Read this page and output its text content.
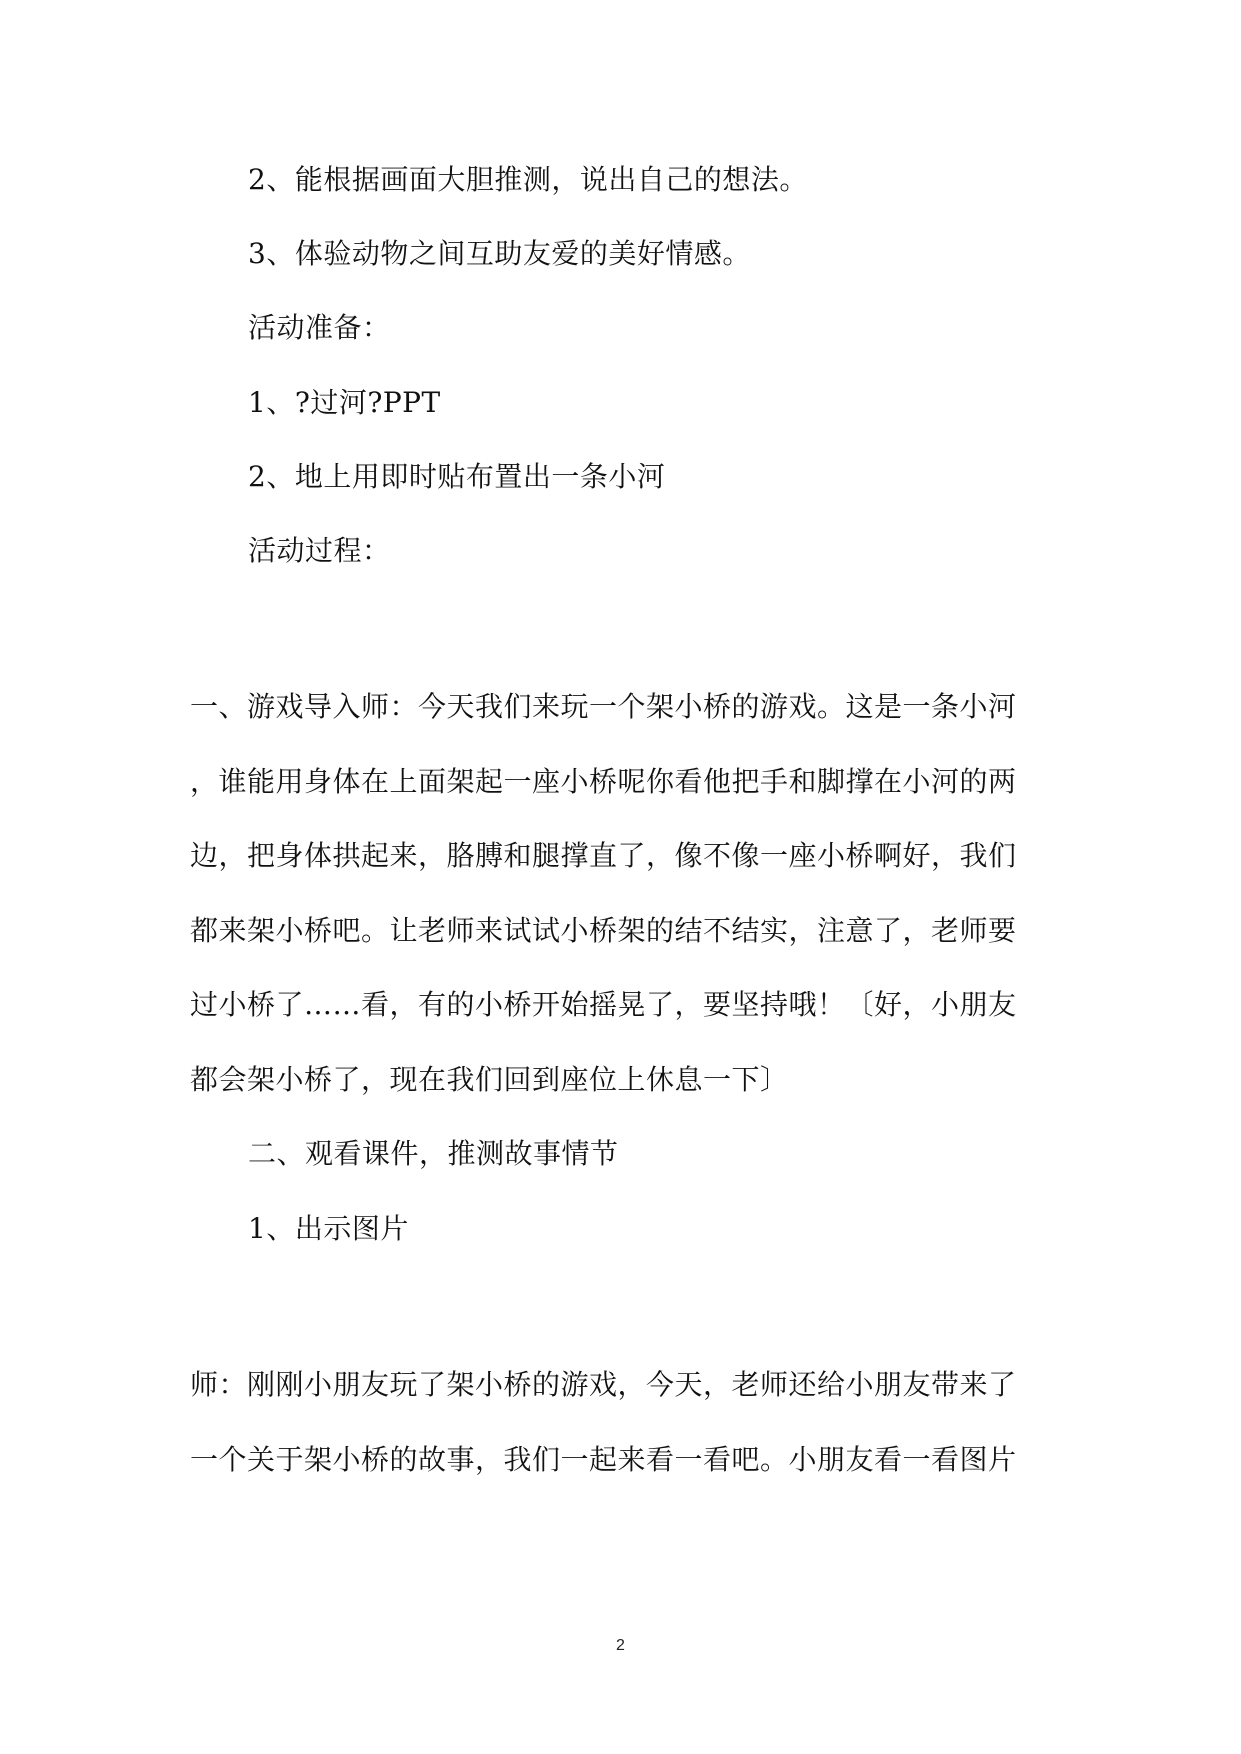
2、能根据画面大胆推测，说出自己的想法。
3、体验动物之间互助友爱的美好情感。
活动准备：
1、?过河?PPT
2、地上用即时贴布置出一条小河
活动过程：
一、游戏导入师：今天我们来玩一个架小桥的游戏。这是一条小河
，谁能用身体在上面架起一座小桥呢你看他把手和脚撑在小河的两
边，把身体拱起来，胳膊和腿撑直了，像不像一座小桥啊好，我们
都来架小桥吧。让老师来试试小桥架的结不结实，注意了，老师要
过小桥了……看，有的小桥开始摇晃了，要坚持哦！〔好，小朋友
都会架小桥了，现在我们回到座位上休息一下〕
二、观看课件，推测故事情节
1、出示图片
师：刚刚小朋友玩了架小桥的游戏，今天，老师还给小朋友带来了
一个关于架小桥的故事，我们一起来看一看吧。小朋友看一看图片
2
